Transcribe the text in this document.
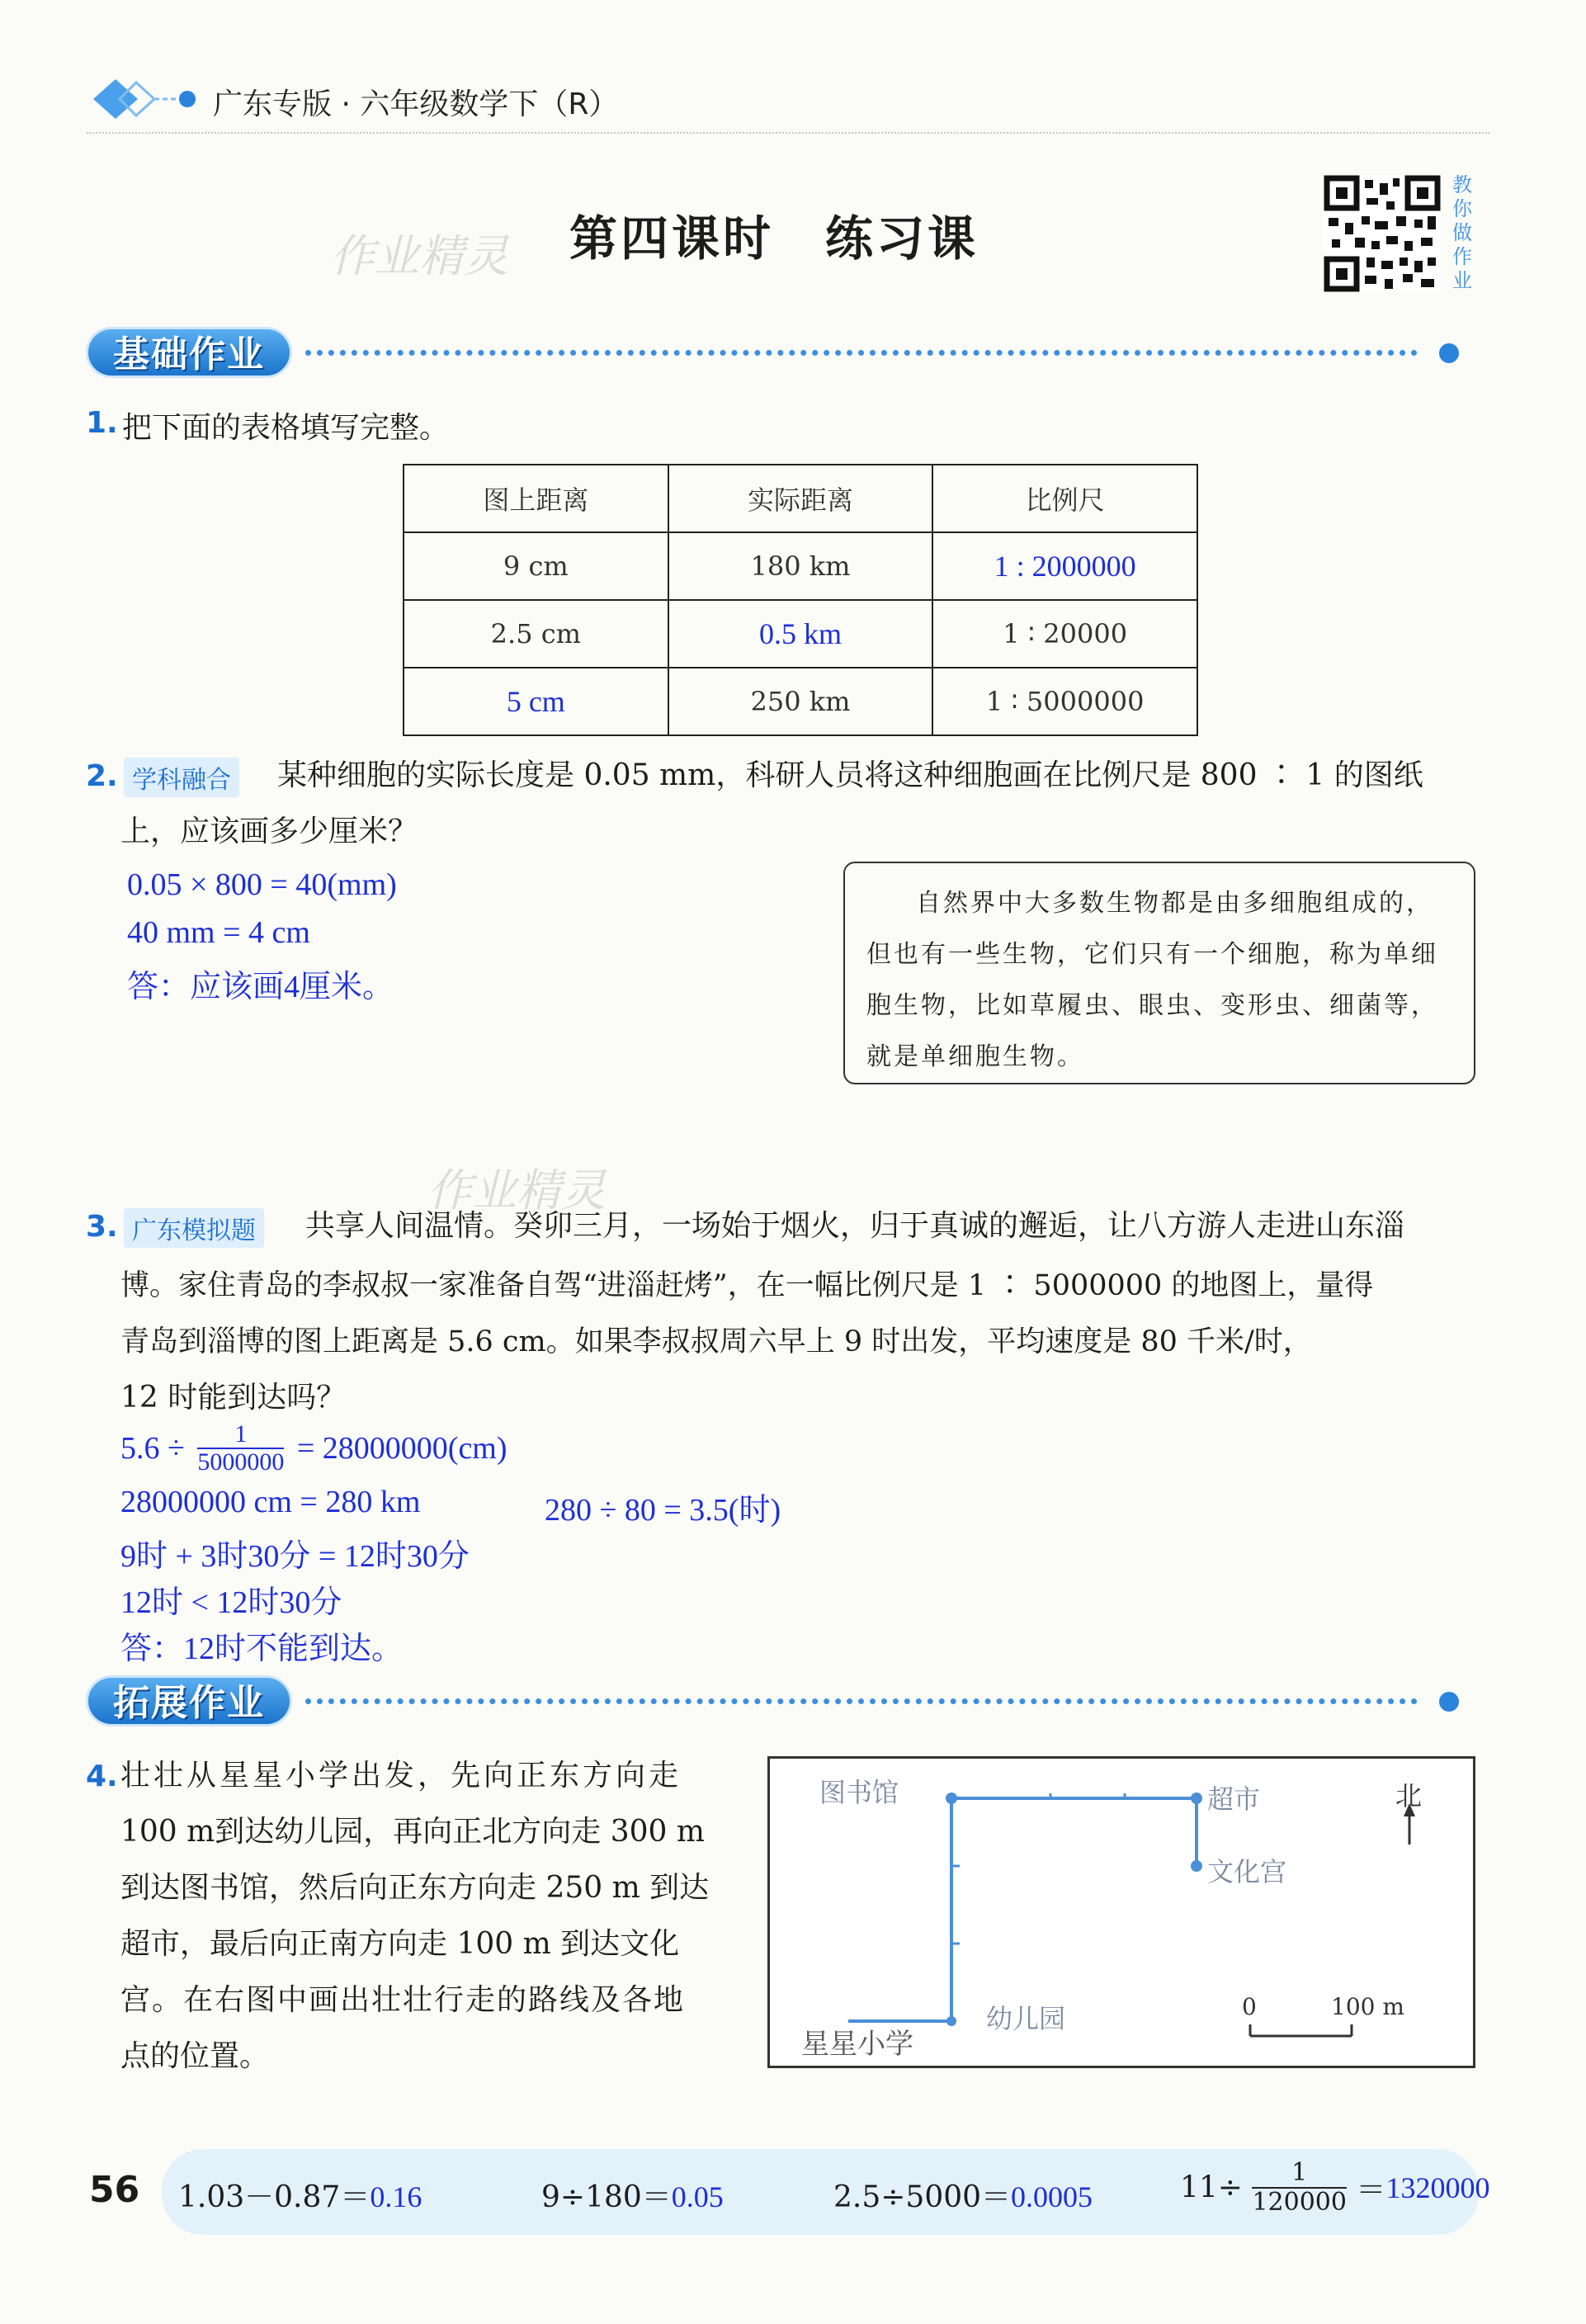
广东专版 · 六年级数学下（R）
作业精灵 第四课时　练习课
教你做作业
基础作业
1. 把下面的表格填写完整。
图上距离	实际距离	比例尺
9 cm	180 km	1 : 2000000
2.5 cm	0.5 km	1 ∶ 20000
5 cm	250 km	1 ∶ 5000000
2. 学科融合 某种细胞的实际长度是 0.05 mm，科研人员将这种细胞画在比例尺是 800 ∶ 1 的图纸
上，应该画多少厘米？
0.05 × 800 = 40(mm)
40 mm = 4 cm
答：应该画4厘米。
自然界中大多数生物都是由多细胞组成的，但也有一些生物，它们只有一个细胞，称为单细胞生物，比如草履虫、眼虫、变形虫、细菌等，就是单细胞生物。
作业精灵
3. 广东模拟题 共享人间温情。癸卯三月，一场始于烟火，归于真诚的邂逅，让八方游人走进山东淄
博。家住青岛的李叔叔一家准备自驾“进淄赶烤”，在一幅比例尺是 1 ∶ 5000000 的地图上，量得
青岛到淄博的图上距离是 5.6 cm。如果李叔叔周六早上 9 时出发，平均速度是 80 千米/时，
12 时能到达吗？
$5.6 \div \frac{1}{5000000} = 28000000(cm)$
28000000 cm = 280 km	280 ÷ 80 = 3.5(时)
9时 + 3时30分 = 12时30分
12时 < 12时30分
答：12时不能到达。
拓展作业
4. 壮壮从星星小学出发，先向正东方向走
100 m到达幼儿园，再向正北方向走 300 m
到达图书馆，然后向正东方向走 250 m 到达
超市，最后向正南方向走 100 m 到达文化
宫。在右图中画出壮壮行走的路线及各地
点的位置。
图书馆	超市
文化宫
北
幼儿园
星星小学
0	100 m
56 1.03－0.87＝0.16	9÷180＝0.05	2.5÷5000＝0.0005	$11\div \frac{1}{120000} =1320000$
